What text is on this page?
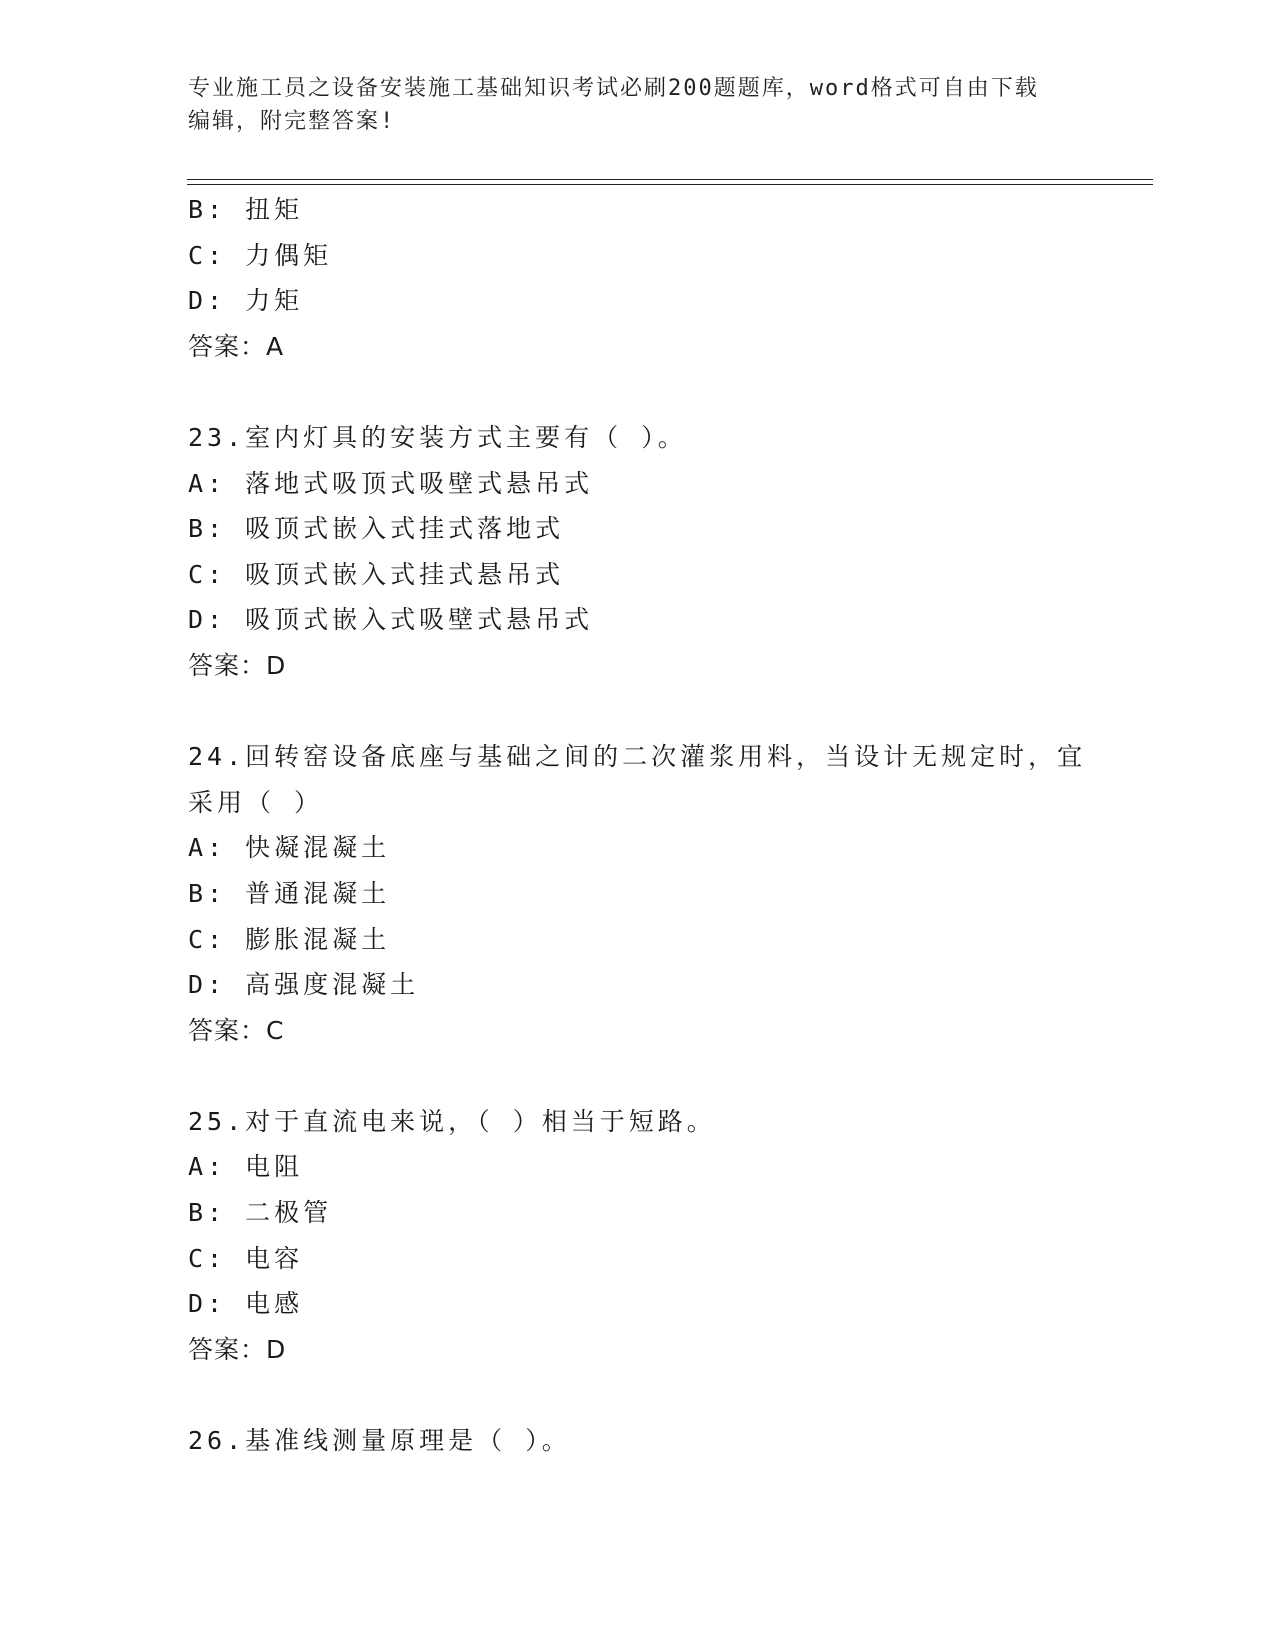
专业施工员之设备安装施工基础知识考试必刷200题题库，word格式可自由下载
编辑，附完整答案!
B: 扭矩
C: 力偶矩
D: 力矩
答案：A
23.室内灯具的安装方式主要有（ ）。
A: 落地式吸顶式吸壁式悬吊式
B: 吸顶式嵌入式挂式落地式
C: 吸顶式嵌入式挂式悬吊式
D: 吸顶式嵌入式吸壁式悬吊式
答案：D
24.回转窑设备底座与基础之间的二次灌浆用料，当设计无规定时，宜
采用（ ）
A: 快凝混凝土
B: 普通混凝土
C: 膨胀混凝土
D: 高强度混凝土
答案：C
25.对于直流电来说，（ ）相当于短路。
A: 电阻
B: 二极管
C: 电容
D: 电感
答案：D
26.基准线测量原理是（ ）。
